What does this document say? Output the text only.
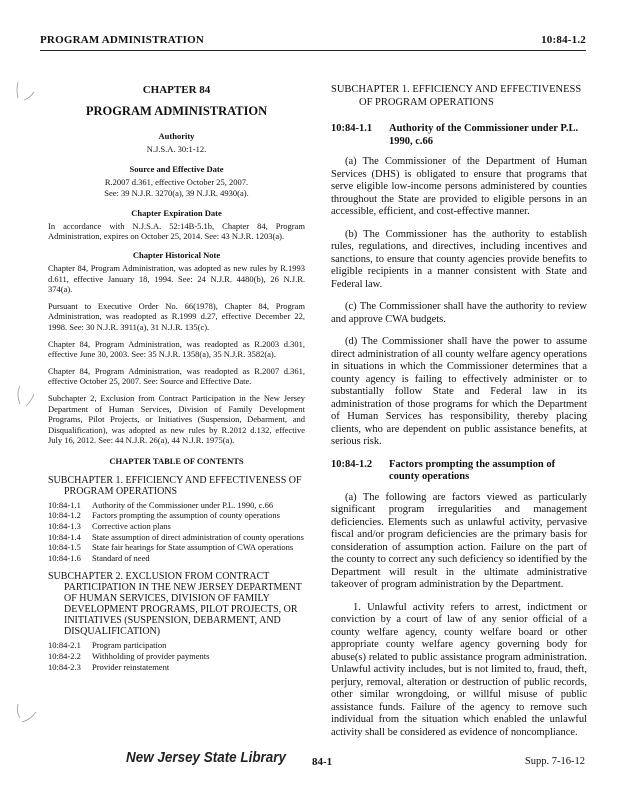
PROGRAM ADMINISTRATION	10:84-1.2
CHAPTER 84
PROGRAM ADMINISTRATION
Authority
N.J.S.A. 30:1-12.
Source and Effective Date
R.2007 d.361, effective October 25, 2007.
See: 39 N.J.R. 3270(a), 39 N.J.R. 4930(a).
Chapter Expiration Date
In accordance with N.J.S.A. 52:14B-5.1b, Chapter 84, Program Administration, expires on October 25, 2014. See: 43 N.J.R. 1203(a).
Chapter Historical Note
Chapter 84, Program Administration, was adopted as new rules by R.1993 d.611, effective January 18, 1994. See: 24 N.J.R. 4480(b), 26 N.J.R. 374(a).
Pursuant to Executive Order No. 66(1978), Chapter 84, Program Administration, was readopted as R.1999 d.27, effective December 22, 1998. See: 30 N.J.R. 3911(a), 31 N.J.R. 135(c).
Chapter 84, Program Administration, was readopted as R.2003 d.301, effective June 30, 2003. See: 35 N.J.R. 1358(a), 35 N.J.R. 3582(a).
Chapter 84, Program Administration, was readopted as R.2007 d.361, effective October 25, 2007. See: Source and Effective Date.
Subchapter 2, Exclusion from Contract Participation in the New Jersey Department of Human Services, Division of Family Development Programs, Pilot Projects, or Initiatives (Suspension, Debarment, and Disqualification), was adopted as new rules by R.2012 d.132, effective July 16, 2012. See: 44 N.J.R. 26(a), 44 N.J.R. 1975(a).
CHAPTER TABLE OF CONTENTS
SUBCHAPTER 1. EFFICIENCY AND EFFECTIVENESS OF PROGRAM OPERATIONS
10:84-1.1	Authority of the Commissioner under P.L. 1990, c.66
10:84-1.2	Factors prompting the assumption of county operations
10:84-1.3	Corrective action plans
10:84-1.4	State assumption of direct administration of county operations
10:84-1.5	State fair hearings for State assumption of CWA operations
10:84-1.6	Standard of need
SUBCHAPTER 2. EXCLUSION FROM CONTRACT PARTICIPATION IN THE NEW JERSEY DEPARTMENT OF HUMAN SERVICES, DIVISION OF FAMILY DEVELOPMENT PROGRAMS, PILOT PROJECTS, OR INITIATIVES (SUSPENSION, DEBARMENT, AND DISQUALIFICATION)
10:84-2.1	Program participation
10:84-2.2	Withholding of provider payments
10:84-2.3	Provider reinstatement
SUBCHAPTER 1. EFFICIENCY AND EFFECTIVENESS OF PROGRAM OPERATIONS
10:84-1.1	Authority of the Commissioner under P.L. 1990, c.66
(a) The Commissioner of the Department of Human Services (DHS) is obligated to ensure that programs that serve eligible low-income persons administered by counties throughout the State are provided to eligible persons in an accessible, efficient, and cost-effective manner.
(b) The Commissioner has the authority to establish rules, regulations, and directives, including incentives and sanctions, to ensure that county agencies provide benefits to eligible recipients in a manner consistent with State and Federal law.
(c) The Commissioner shall have the authority to review and approve CWA budgets.
(d) The Commissioner shall have the power to assume direct administration of all county welfare agency operations in situations in which the Commissioner determines that a county agency is failing to effectively administer or to substantially follow State and Federal law in its administration of those programs for which the Department of Human Services has responsibility, thereby placing clients, who are dependent on public assistance benefits, at serious risk.
10:84-1.2	Factors prompting the assumption of county operations
(a) The following are factors viewed as particularly significant program irregularities and management deficiencies. Elements such as unlawful activity, pervasive fiscal and/or program deficiencies are the primary basis for consideration of assumption action. Failure on the part of the county to correct any such deficiency so identified by the Department will result in the ultimate administrative takeover of program administration by the Department.
1. Unlawful activity refers to arrest, indictment or conviction by a court of law of any senior official of a county welfare agency, county welfare board or other appropriate county welfare agency governing body for abuse(s) related to public assistance program administration. Unlawful activity includes, but is not limited to, fraud, theft, perjury, removal, alteration or destruction of public records, other similar wrongdoing, or willful misuse of public assistance funds. Failure of the agency to remove such individual from the situation which enabled the unlawful activity shall be considered as evidence of noncompliance.
New Jersey State Library 84-1	Supp. 7-16-12
